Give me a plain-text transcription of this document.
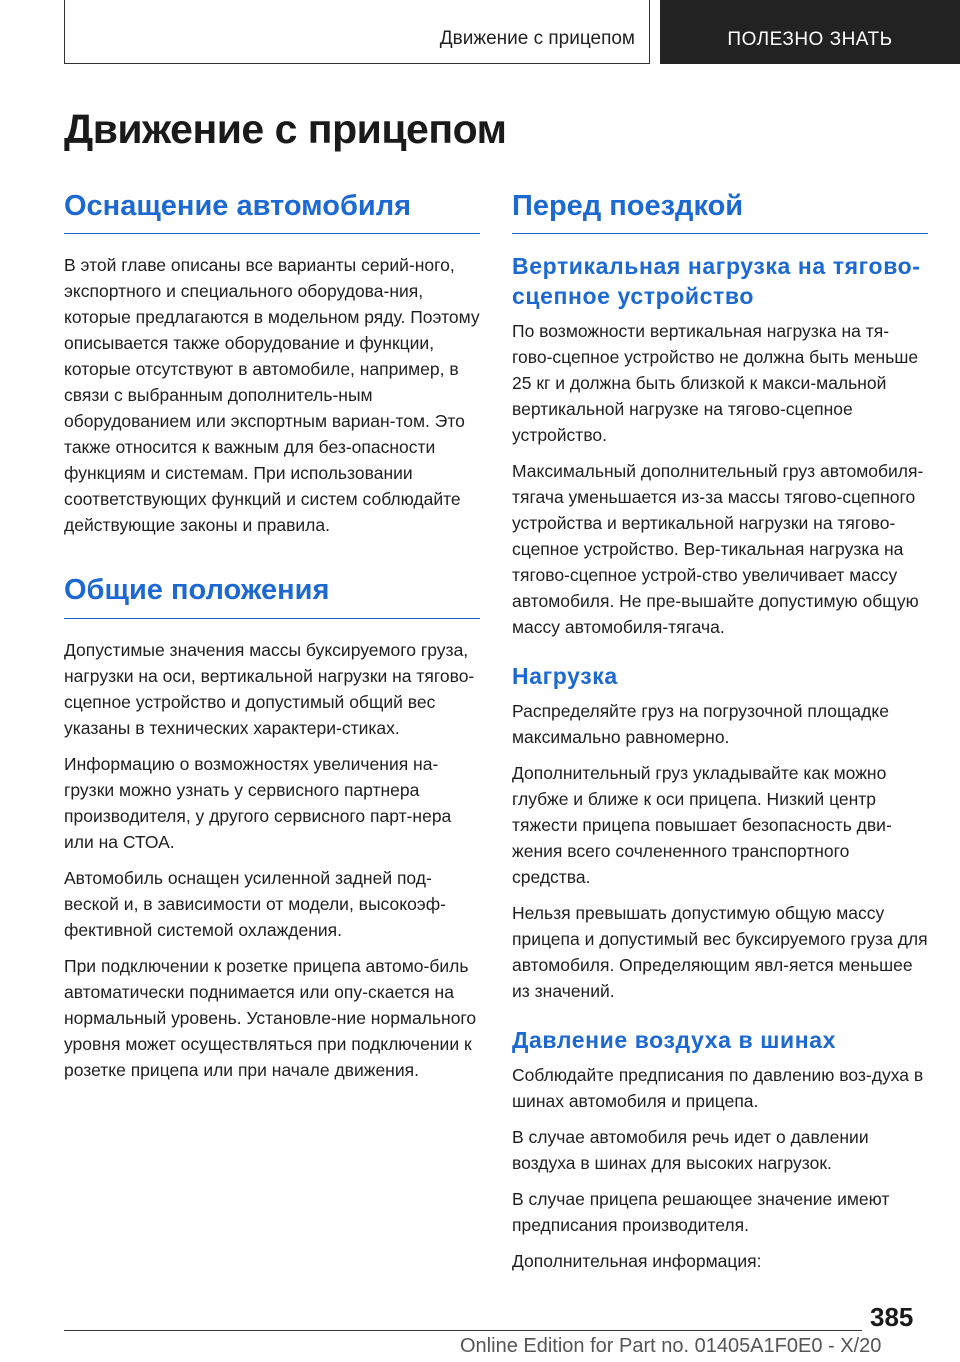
Движение с прицепом	ПОЛЕЗНО ЗНАТЬ
Движение с прицепом
Оснащение автомобиля

В этой главе описаны все варианты серий-ного, экспортного и специального оборудова-ния, которые предлагаются в модельном ряду. Поэтому описывается также оборудование и функции, которые отсутствуют в автомобиле, например, в связи с выбранным дополнитель-ным оборудованием или экспортным вариан-том. Это также относится к важным для без-опасности функциям и системам. При использовании соответствующих функций и систем соблюдайте действующие законы и правила.

Общие положения

Допустимые значения массы буксируемого груза, нагрузки на оси, вертикальной нагрузки на тягово-сцепное устройство и допустимый общий вес указаны в технических характери-стиках.

Информацию о возможностях увеличения на-грузки можно узнать у сервисного партнера производителя, у другого сервисного парт-нера или на СТОА.

Автомобиль оснащен усиленной задней под-веской и, в зависимости от модели, высокоэф-фективной системой охлаждения.

При подключении к розетке прицепа автомо-биль автоматически поднимается или опу-скается на нормальный уровень. Установле-ние нормального уровня может осуществляться при подключении к розетке прицепа или при начале движения.

Перед поездкой
Вертикальная нагрузка на тягово-сцепное устройство

По возможности вертикальная нагрузка на тя-гово-сцепное устройство не должна быть меньше 25 кг и должна быть близкой к макси-мальной вертикальной нагрузке на тягово-сцепное устройство.

Максимальный дополнительный груз автомобиля-тягача уменьшается из-за массы тягово-сцепного устройства и вертикальной нагрузки на тягово-сцепное устройство. Вер-тикальная нагрузка на тягово-сцепное устрой-ство увеличивает массу автомобиля. Не пре-вышайте допустимую общую массу автомобиля-тягача.

Нагрузка

Распределяйте груз на погрузочной площадке максимально равномерно.

Дополнительный груз укладывайте как можно глубже и ближе к оси прицепа. Низкий центр тяжести прицепа повышает безопасность дви-жения всего сочлененного транспортного средства.

Нельзя превышать допустимую общую массу прицепа и допустимый вес буксируемого груза для автомобиля. Определяющим явл-яется меньшее из значений.

Давление воздуха в шинах

Соблюдайте предписания по давлению воз-духа в шинах автомобиля и прицепа.

В случае автомобиля речь идет о давлении воздуха в шинах для высоких нагрузок.

В случае прицепа решающее значение имеют предписания производителя.

Дополнительная информация:

385
Online Edition for Part no. 01405A1F0E0 - X/20
